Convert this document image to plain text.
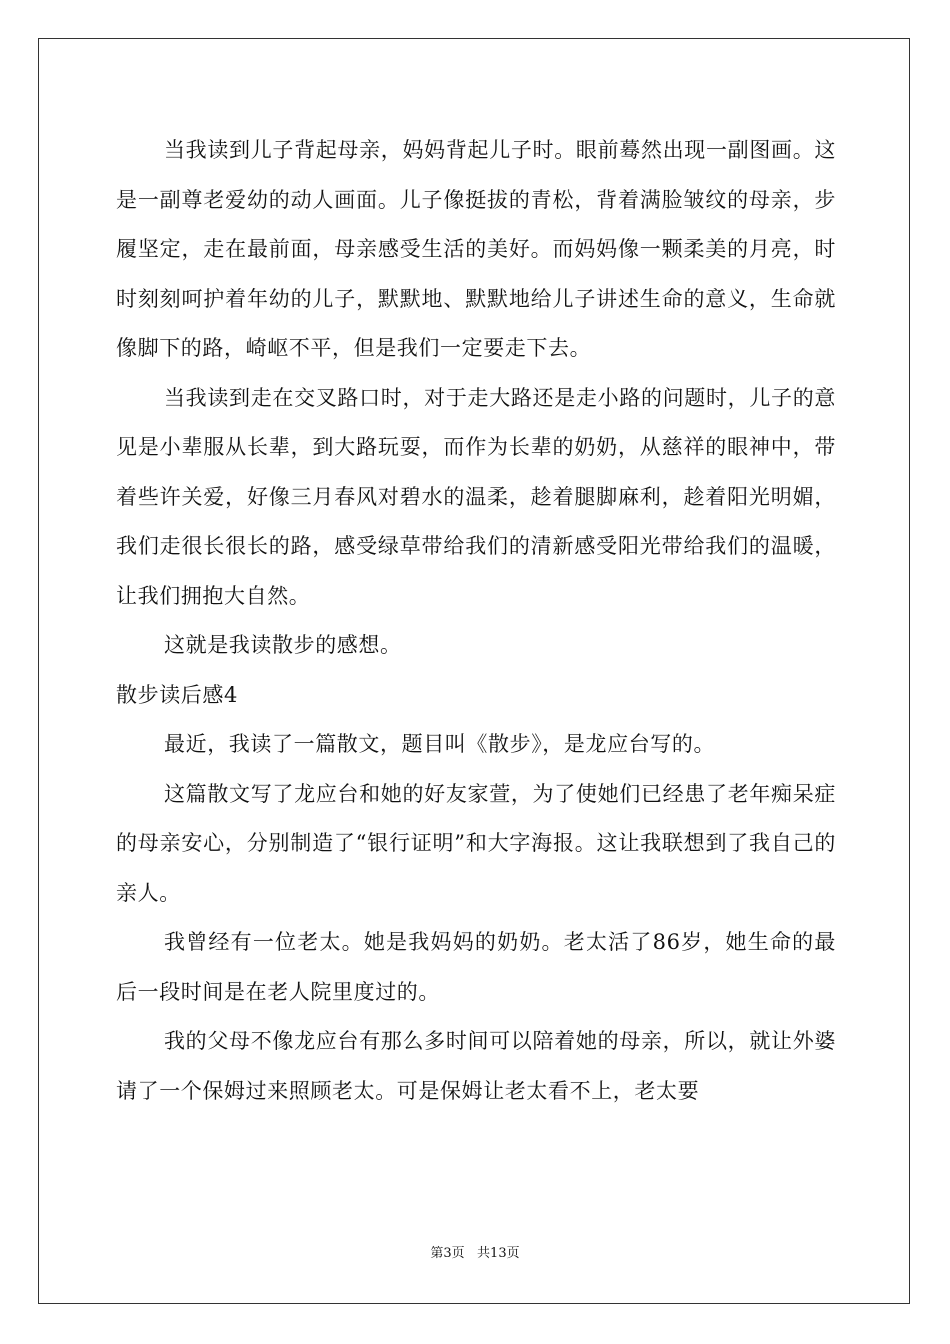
当我读到儿子背起母亲，妈妈背起儿子时。眼前蓦然出现一副图画。这是一副尊老爱幼的动人画面。儿子像挺拔的青松，背着满脸皱纹的母亲，步履坚定，走在最前面，母亲感受生活的美好。而妈妈像一颗柔美的月亮，时时刻刻呵护着年幼的儿子，默默地、默默地给儿子讲述生命的意义，生命就像脚下的路，崎岖不平，但是我们一定要走下去。

当我读到走在交叉路口时，对于走大路还是走小路的问题时，儿子的意见是小辈服从长辈，到大路玩耍，而作为长辈的奶奶，从慈祥的眼神中，带着些许关爱，好像三月春风对碧水的温柔，趁着腿脚麻利，趁着阳光明媚，我们走很长很长的路，感受绿草带给我们的清新感受阳光带给我们的温暖，让我们拥抱大自然。

这就是我读散步的感想。

散步读后感4

最近，我读了一篇散文，题目叫《散步》，是龙应台写的。

这篇散文写了龙应台和她的好友家萱，为了使她们已经患了老年痴呆症的母亲安心，分别制造了“银行证明”和大字海报。这让我联想到了我自己的亲人。

我曾经有一位老太。她是我妈妈的奶奶。老太活了86岁，她生命的最后一段时间是在老人院里度过的。

我的父母不像龙应台有那么多时间可以陪着她的母亲，所以，就让外婆请了一个保姆过来照顾老太。可是保姆让老太看不上，老太要

第3页   共13页
